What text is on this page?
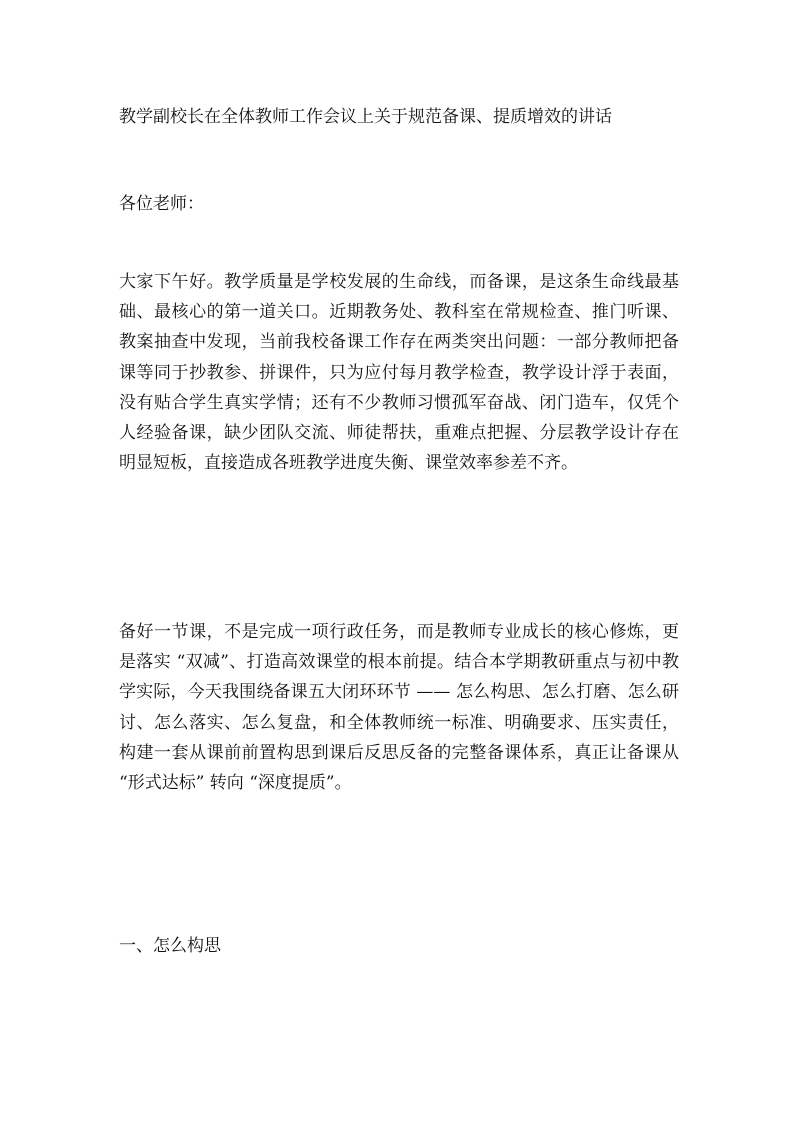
教学副校长在全体教师工作会议上关于规范备课、提质增效的讲话
各位老师：
大家下午好。教学质量是学校发展的生命线，而备课，是这条生命线最基础、最核心的第一道关口。近期教务处、教科室在常规检查、推门听课、教案抽查中发现，当前我校备课工作存在两类突出问题：一部分教师把备课等同于抄教参、拼课件，只为应付每月教学检查，教学设计浮于表面，没有贴合学生真实学情；还有不少教师习惯孤军奋战、闭门造车，仅凭个人经验备课，缺少团队交流、师徒帮扶，重难点把握、分层教学设计存在明显短板，直接造成各班教学进度失衡、课堂效率参差不齐。
备好一节课，不是完成一项行政任务，而是教师专业成长的核心修炼，更是落实 “双减”、打造高效课堂的根本前提。结合本学期教研重点与初中教学实际，今天我围绕备课五大闭环环节 —— 怎么构思、怎么打磨、怎么研讨、怎么落实、怎么复盘，和全体教师统一标准、明确要求、压实责任，构建一套从课前前置构思到课后反思反备的完整备课体系，真正让备课从 “形式达标” 转向 “深度提质”。
一、怎么构思
